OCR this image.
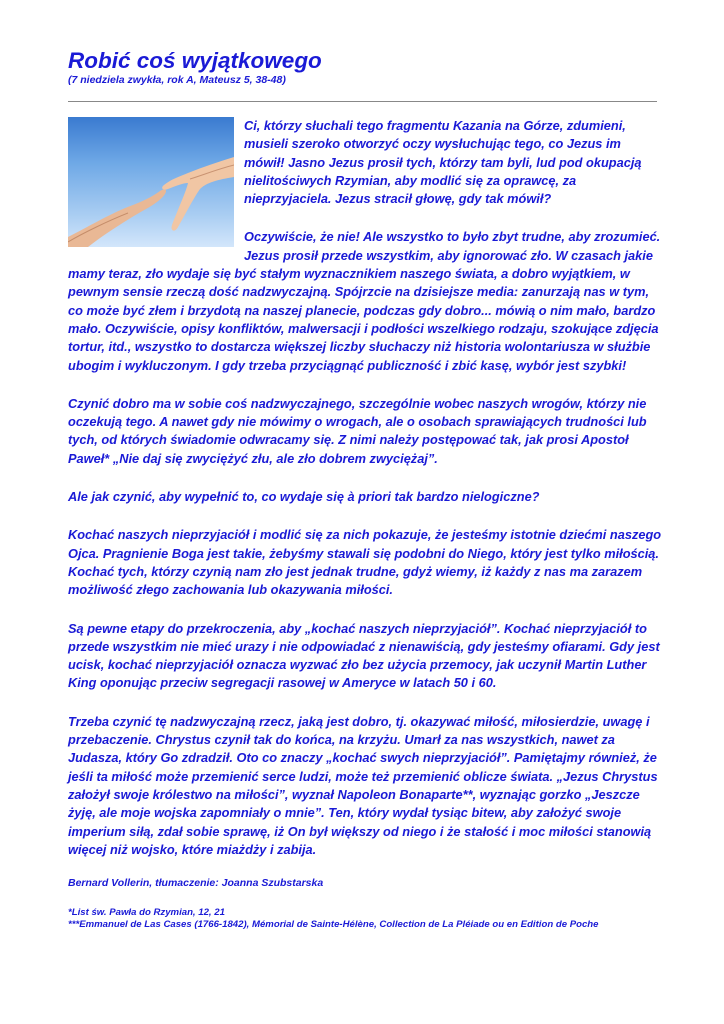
Robić coś wyjątkowego
(7 niedziela zwykła, rok A, Mateusz 5, 38-48)

Ci, którzy słuchali tego fragmentu Kazania na Górze, zdumieni, musieli szeroko otworzyć oczy wysłuchując tego, co Jezus im mówił! Jasno Jezus prosił tych, którzy tam byli, lud pod okupacją nielitościwych Rzymian, aby modlić się za oprawcę, za nieprzyjaciela. Jezus stracił głowę, gdy tak mówił?

Oczywiście, że nie! Ale wszystko to było zbyt trudne, aby zrozumieć. Jezus prosił przede wszystkim, aby ignorować zło. W czasach jakie mamy teraz, zło wydaje się być stałym wyznacznikiem naszego świata, a dobro wyjątkiem, w pewnym sensie rzeczą dość nadzwyczajną. Spójrzcie na dzisiejsze media: zanurzają nas w tym, co może być złem i brzydotą na naszej planecie, podczas gdy dobro... mówią o nim mało, bardzo mało. Oczywiście, opisy konfliktów, malwersacji i podłości wszelkiego rodzaju, szokujące zdjęcia tortur, itd., wszystko to dostarcza większej liczby słuchaczy niż historia wolontariusza w służbie ubogim i wykluczonym. I gdy trzeba przyciągnąć publiczność i zbić kasę, wybór jest szybki!

Czynić dobro ma w sobie coś nadzwyczajnego, szczególnie wobec naszych wrogów, którzy nie oczekują tego. A nawet gdy nie mówimy o wrogach, ale o osobach sprawiających trudności lub tych, od których świadomie odwracamy się. Z nimi należy postępować tak, jak prosi Apostoł Paweł* „Nie daj się zwyciężyć złu, ale zło dobrem zwyciężaj”.

Ale jak czynić, aby wypełnić to, co wydaje się à priori tak bardzo nielogiczne?

Kochać naszych nieprzyjaciół i modlić się za nich pokazuje, że jesteśmy istotnie dziećmi naszego Ojca. Pragnienie Boga jest takie, żebyśmy stawali się podobni do Niego, który jest tylko miłością. Kochać tych, którzy czynią nam zło jest jednak trudne, gdyż wiemy, iż każdy z nas ma zarazem możliwość złego zachowania lub okazywania miłości.

Są pewne etapy do przekroczenia, aby „kochać naszych nieprzyjaciół”. Kochać nieprzyjaciół to przede wszystkim nie mieć urazy i nie odpowiadać z nienawiścią, gdy jesteśmy ofiarami. Gdy jest ucisk, kochać nieprzyjaciół oznacza wyzwać zło bez użycia przemocy, jak uczynił Martin Luther King oponując przeciw segregacji rasowej w Ameryce w latach 50 i 60.

Trzeba czynić tę nadzwyczajną rzecz, jaką jest dobro, tj. okazywać miłość, miłosierdzie, uwagę i przebaczenie. Chrystus czynił tak do końca, na krzyżu. Umarł za nas wszystkich, nawet za Judasza, który Go zdradził. Oto co znaczy „kochać swych nieprzyjaciół”. Pamiętajmy również, że jeśli ta miłość może przemienić serce ludzi, może też przemienić oblicze świata. „Jezus Chrystus założył swoje królestwo na miłości”, wyznał Napoleon Bonaparte**, wyznając gorzko „Jeszcze żyję, ale moje wojska zapomniały o mnie”. Ten, który wydał tysiąc bitew, aby założyć swoje imperium siłą, zdał sobie sprawę, iż On był większy od niego i że stałość i moc miłości stanowią więcej niż wojsko, które miażdży i zabija.

Bernard Vollerin, tłumaczenie: Joanna Szubstarska

*List św. Pawła do Rzymian, 12, 21
***Emmanuel de Las Cases (1766-1842), Mémorial de Sainte-Hélène, Collection de La Pléiade ou en Edition de Poche
